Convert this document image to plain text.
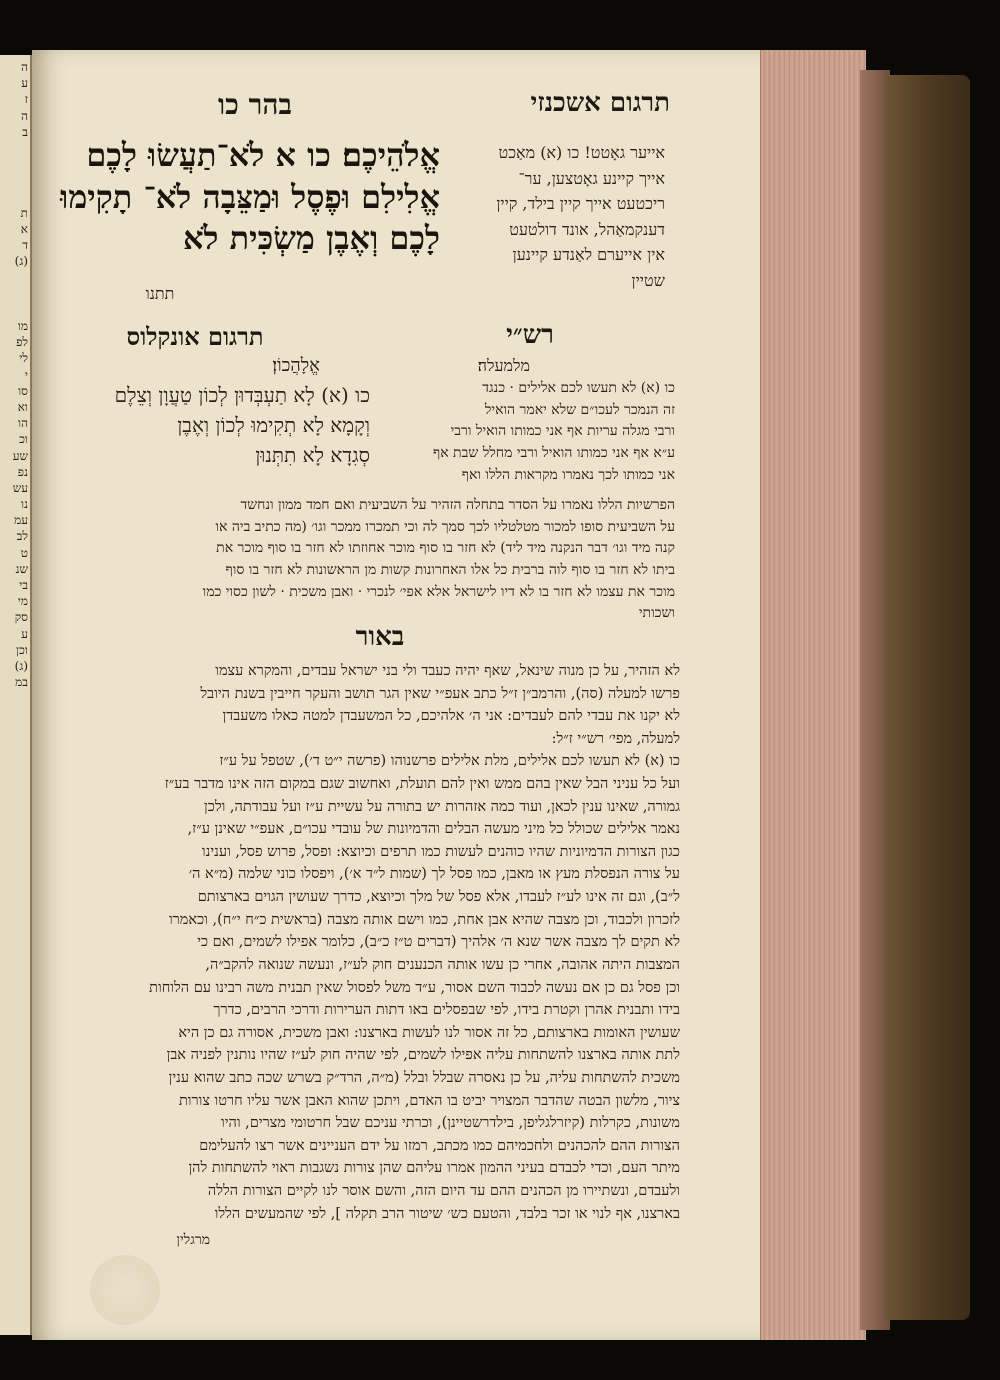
ה
ע
ז
ה
ב

ת
א
ד
(ג)

מו
לפ
לי
י
סו
וא
הו
וכ
שע
נפ
עש
נו
עמ
לב
ט
שנ
בי
מי
סק
ע
וכן
(ג)
במ
בהר כו	תרגום אשכנזי
אֱלֹהֵיכֶם׃ כו א לֹא־תַעֲשׂוּ לָכֶם אֱלִילִם וּפֶסֶל וּמַצֵּבָה לֹא־ תָקִימוּ לָכֶם וְאֶבֶן מַשְׂכִּית לֹא
תתנו
אייער גאָטט! כו (א) מאַכט
אייך קיינע גאָטצען, ער־
ריכטעט אייך קיין בילד, קיין
דענקמאַהל, אונד דולטעט
אין אייערם לאַנדע קיינען
שטיין
רש״י
תרגום אונקלוס
אֱלָהֲכוֹן׃	מלמעלה׃
כו (א) לָא תַעְבְּדוּן לְכוֹן טַעֲוָן וְצֵלֶם
וְקָמָא לָא תְקִימוּ לְכוֹן וְאֶבֶן
סְגִדָא לָא תִתְּנוּן
כו (א) לא תעשו לכם אלילים · כנגד
זה הנמכר לעכו״ם שלא יאמר הואיל
ורבי מגלה עריות אף אני כמותו הואיל ורבי
ע״א אף אני כמותו הואיל ורבי מחלל שבת אף
אני כמותו לכך נאמרו מקראות הללו ואף
הפרשיות הללו נאמרו על הסדר בתחלה הזהיר על השביעית ואם חמד ממון ונחשד
על השביעית סופו למכור מטלטליו לכך סמך לה וכי תמכרו ממכר וגו׳ (מה כתיב ביה או
קנה מיד וגו׳ דבר הנקנה מיד ליד) לא חזר בו סוף מוכר אחוזתו לא חזר בו סוף מוכר את
ביתו לא חזר בו סוף לוה ברבית כל אלו האחרונות קשות מן הראשונות לא חזר בו סוף
מוכר את עצמו לא חזר בו לא דיו לישראל אלא אפי׳ לנכרי · ואבן משכית · לשון כסוי כמו
ושכותי
באור
לא הזהיר, על כן מנוה שינאל, שאף יהיה כעבד ולי בני ישראל עבדים, והמקרא עצמו
פרשו למעלה (סה), והרמב״ן ז״ל כתב אעפ״י שאין הגר תושב והעקר חייבין בשנת היובל
לא יקנו את עבדי להם לעבדים: אני ה׳ אלהיכם, כל המשעבדן למטה כאלו משעבדן
למעלה, מפי׳ רש״י ז״ל:
כו (א) לא תעשו לכם אלילים, מלת אלילים פרשנוהו (פרשה י״ט ד׳), שטפל על ע״ז
ועל כל עניני הבל שאין בהם ממש ואין להם תועלת, ואחשוב שגם במקום הזה אינו מדבר בע״ז
גמורה, שאינו ענין לכאן, ועוד כמה אזהרות יש בתורה על עשיית ע״ז ועל עבודתה, ולכן
נאמר אלילים שכולל כל מיני מעשה הבלים והדמיונות של עובדי עכו״ם, אעפ״י שאינן ע״ז,
כגון הצורות הדמיוניות שהיו כוהנים לעשות כמו תרפים וכיוצא: ופסל, פרוש פסל, וענינו
על צורה הנפסלת מעץ או מאבן, כמו פסל לך (שמות ל״ד א׳), ויפסלו כוני שלמה (מ״א ה׳
ל״ב), וגם זה אינו לע״ז לעבדו, אלא פסל של מלך וכיוצא, כדרך שעושין הגוים בארצותם
לזכרון ולכבוד, וכן מצבה שהיא אבן אחת, כמו וישם אותה מצבה (בראשית כ״ח י״ח), וכאמרו
לא תקים לך מצבה אשר שנא ה׳ אלהיך (דברים ט״ז כ״ב), כלומר אפילו לשמים, ואם כי
המצבות היתה אהובה, אחרי כן עשו אותה הכנענים חוק לע״ז, ונעשה שנואה להקב״ה,
וכן פסל גם כן אם נעשה לכבוד השם אסור, ע״ד משל לפסול שאין תבנית משה רבינו עם הלוחות
בידו ותבנית אהרן וקטרת בידו, לפי שבפסלים באו דתות הערירות ודרכי הרבים, כדרך
שעושין האומות בארצותם, כל זה אסור לנו לעשות בארצנו: ואבן משכית, אסורה גם כן היא
לתת אותה בארצנו להשתחות עליה אפילו לשמים, לפי שהיה חוק לע״ז שהיו נותנין לפניה אבן
משכית להשתחות עליה, על כן נאסרה שבלל ובלל (מ״ה, הרד״ק בשרש שכה כתב שהוא ענין
ציור, מלשון הבטה שהדבר המצויר יביט בו האדם, ויתכן שהוא האבן אשר עליו חרטו צורות
משונות, כקרלות (קיזרלגליפן, בילדרשטיינן), וכרתי עניכם שבל חרטומי מצרים, והיו
הצורות ההם להכהנים ולחכמיהם כמו מכתב, רמזו על ידם העניינים אשר רצו להעלימם
מיתר העם, וכדי לכבדם בעיני ההמון אמרו עליהם שהן צורות נשגבות ראוי להשתחות להן
ולעבדם, ונשתיירו מן הכהנים ההם עד היום הזה, והשם אוסר לנו לקיים הצורות הללה
בארצנו, אף לנוי או זכר בלבד, והטעם כש׳ שיטור הרב תקלה ], לפי שהמעשים הללו
מרגלין
